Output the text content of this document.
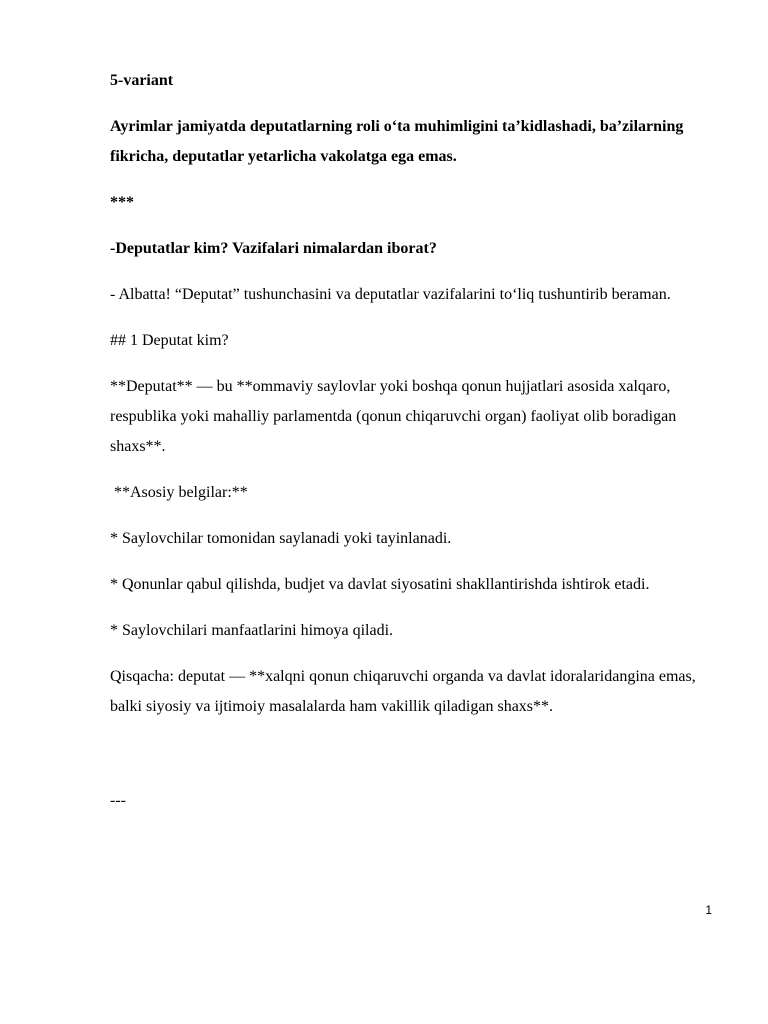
5-variant

Ayrimlar jamiyatda deputatlarning roli o‘ta muhimligini ta’kidlashadi, ba’zilarning fikricha, deputatlar yetarlicha vakolatga ega emas.

***

-Deputatlar kim? Vazifalari nimalardan iborat?

- Albatta! “Deputat” tushunchasini va deputatlar vazifalarini to‘liq tushuntirib beraman.

## 1 Deputat kim?

**Deputat** — bu **ommaviy saylovlar yoki boshqa qonun hujjatlari asosida xalqaro, respublika yoki mahalliy parlamentda (qonun chiqaruvchi organ) faoliyat olib boradigan shaxs**.

**Asosiy belgilar:**

* Saylovchilar tomonidan saylanadi yoki tayinlanadi.

* Qonunlar qabul qilishda, budjet va davlat siyosatini shakllantirishda ishtirok etadi.

* Saylovchilari manfaatlarini himoya qiladi.

Qisqacha: deputat — **xalqni qonun chiqaruvchi organda va davlat idoralaridangina emas, balki siyosiy va ijtimoiy masalalarda ham vakillik qiladigan shaxs**.

---

1
